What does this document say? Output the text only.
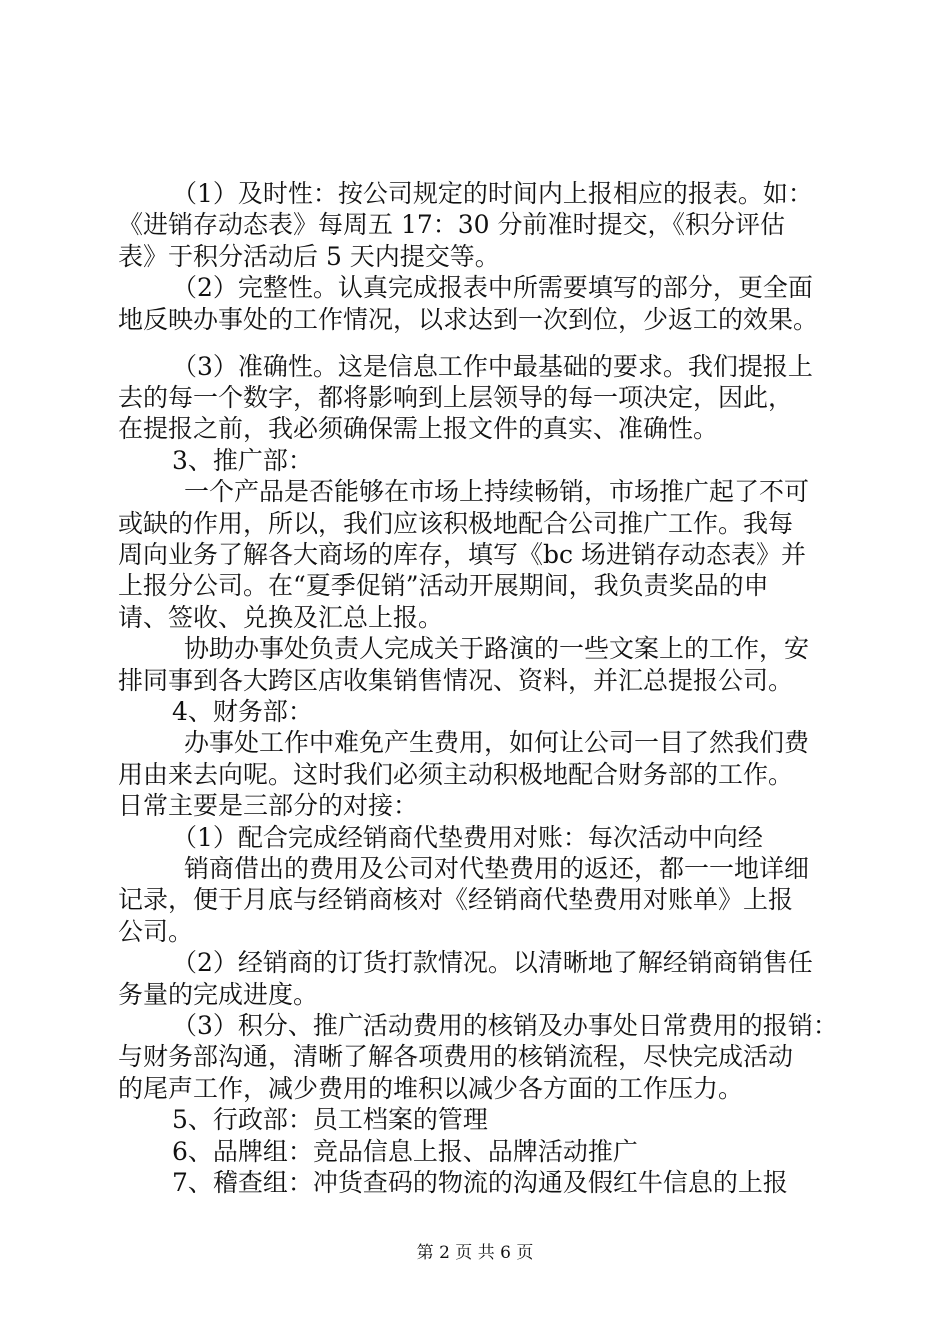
（1）及时性：按公司规定的时间内上报相应的报表。如：
《进销存动态表》每周五 17：30 分前准时提交，《积分评估
表》于积分活动后 5 天内提交等。
（2）完整性。认真完成报表中所需要填写的部分，更全面
地反映办事处的工作情况，以求达到一次到位，少返工的效果。
（3）准确性。这是信息工作中最基础的要求。我们提报上
去的每一个数字，都将影响到上层领导的每一项决定，因此，
在提报之前，我必须确保需上报文件的真实、准确性。
3、推广部：
一个产品是否能够在市场上持续畅销，市场推广起了不可
或缺的作用，所以，我们应该积极地配合公司推广工作。我每
周向业务了解各大商场的库存，填写《bc 场进销存动态表》并
上报分公司。在“夏季促销”活动开展期间，我负责奖品的申
请、签收、兑换及汇总上报。
协助办事处负责人完成关于路演的一些文案上的工作，安
排同事到各大跨区店收集销售情况、资料，并汇总提报公司。
4、财务部：
办事处工作中难免产生费用，如何让公司一目了然我们费
用由来去向呢。这时我们必须主动积极地配合财务部的工作。
日常主要是三部分的对接：
（1）配合完成经销商代垫费用对账：每次活动中向经
销商借出的费用及公司对代垫费用的返还，都一一地详细
记录，便于月底与经销商核对《经销商代垫费用对账单》上报
公司。
（2）经销商的订货打款情况。以清晰地了解经销商销售任
务量的完成进度。
（3）积分、推广活动费用的核销及办事处日常费用的报销：
与财务部沟通，清晰了解各项费用的核销流程，尽快完成活动
的尾声工作，减少费用的堆积以减少各方面的工作压力。
5、行政部：员工档案的管理
6、品牌组：竞品信息上报、品牌活动推广
7、稽查组：冲货查码的物流的沟通及假红牛信息的上报
第 2 页 共 6 页
